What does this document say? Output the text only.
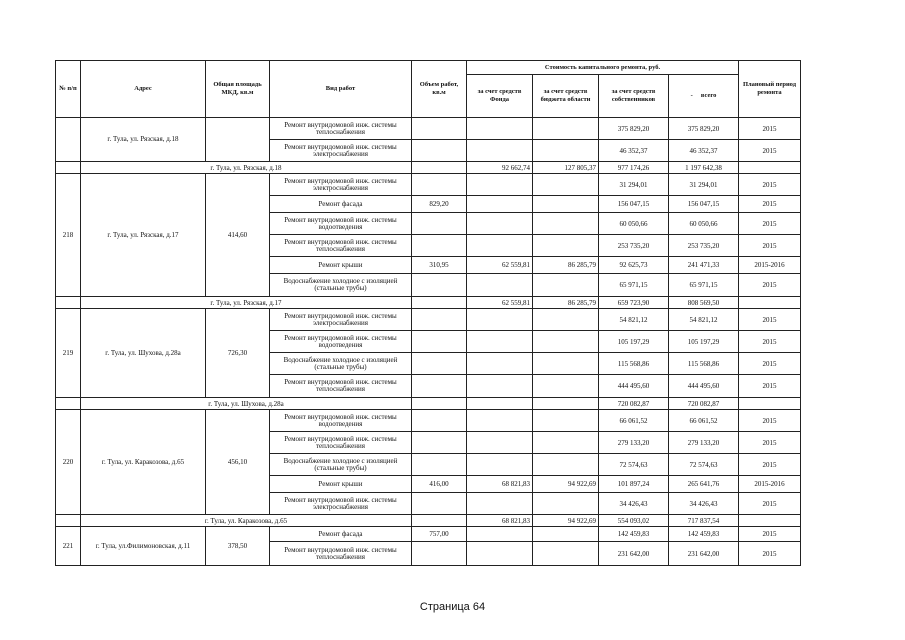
№ п/п	Адрес	Общая площадь МКД, кв.м	Вид работ	Объем работ, кв.м	Стоимость капитального ремонта, руб.				Плановый период ремонта
					за счет средств Фонда	за счет средств бюджета области	за счет средств собственников	- всего	
	г. Тула, ул. Рязская, д.18		Ремонт внутридомовой инж. системы теплоснабжения				375 829,20	375 829,20	2015
			Ремонт внутридомовой инж. системы электроснабжения				46 352,37	46 352,37	2015
	г. Тула, ул. Рязская, д.18				92 662,74	127 805,37	977 174,26	1 197 642,38	
218	г. Тула, ул. Рязская, д.17	414,60	Ремонт внутридомовой инж. системы электроснабжения				31 294,01	31 294,01	2015
			Ремонт фасада	829,20			156 047,15	156 047,15	2015
			Ремонт внутридомовой инж. системы водоотведения				60 050,66	60 050,66	2015
			Ремонт внутридомовой инж. системы теплоснабжения				253 735,20	253 735,20	2015
			Ремонт крыши	310,95	62 559,81	86 285,79	92 625,73	241 471,33	2015-2016
			Водоснабжение холодное с изоляцией (стальные трубы)				65 971,15	65 971,15	2015
	г. Тула, ул. Рязская, д.17				62 559,81	86 285,79	659 723,90	808 569,50	
219	г. Тула, ул. Шухова, д.28а	726,30	Ремонт внутридомовой инж. системы электроснабжения				54 821,12	54 821,12	2015
			Ремонт внутридомовой инж. системы водоотведения				105 197,29	105 197,29	2015
			Водоснабжение холодное с изоляцией (стальные трубы)				115 568,86	115 568,86	2015
			Ремонт внутридомовой инж. системы теплоснабжения				444 495,60	444 495,60	2015
	г. Тула, ул. Шухова, д.28а						720 082,87	720 082,87	
220	г. Тула, ул. Каракозова, д.65	456,10	Ремонт внутридомовой инж. системы водоотведения				66 061,52	66 061,52	2015
			Ремонт внутридомовой инж. системы теплоснабжения				279 133,20	279 133,20	2015
			Водоснабжение холодное с изоляцией (стальные трубы)				72 574,63	72 574,63	2015
			Ремонт крыши	416,00	68 821,83	94 922,69	101 897,24	265 641,76	2015-2016
			Ремонт внутридомовой инж. системы электроснабжения				34 426,43	34 426,43	2015
	г. Тула, ул. Каракозова, д.65				68 821,83	94 922,69	554 093,02	717 837,54	
221	г. Тула, ул.Филимоновская, д.11	378,50	Ремонт фасада	757,00			142 459,83	142 459,83	2015
			Ремонт внутридомовой инж. системы теплоснабжения				231 642,00	231 642,00	2015
Страница 64
